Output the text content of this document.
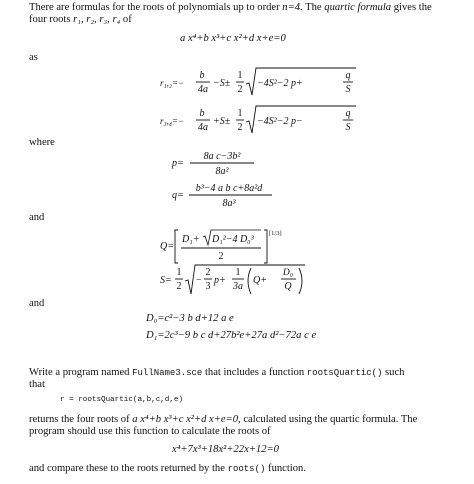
There are formulas for the roots of polynomials up to order n=4. The quartic formula gives the
four roots r₁, r₂, r₃, r₄ of
a x⁴+b x³+c x²+d x+e=0
as
r₁,₂=−
b
4a
−S±
1
2
−4S²−2 p+
q
S
r₃,₄=−
b
4a
+S±
1
2
−4S²−2 p−
q
S
where
p=
8a c−3b²
8a²
q=
b³−4 a b c+8a²d
8a³
and
Q=
D₁+ D₁²−4 D₀³
2
[1/3]
S=
1
2
−
2
3
p+
1
3a
Q+
D₀
Q
and
D₀=c²−3 b d+12 a e
D₁=2c³−9 b c d+27b²e+27a d²−72a c e
Write a program named FullName3.sce that includes a function rootsQuartic() such
that
r = rootsQuartic(a,b,c,d,e)
returns the four roots of a x⁴+b x³+c x²+d x+e=0, calculated using the quartic formula. The
program should use this function to calculate the roots of
x⁴+7x³+18x²+22x+12=0
and compare these to the roots returned by the roots() function.
